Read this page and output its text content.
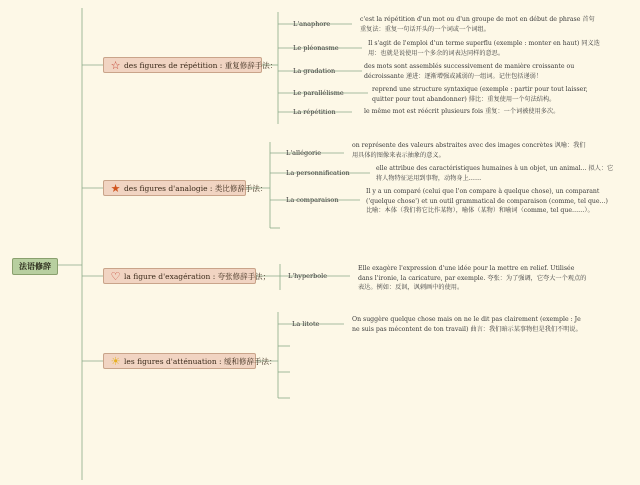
法语修辞
☆ des figures de répétition : 重复修辞手法：
L'anaphore
c'est la répétition d'un mot ou d'un groupe de mot en début de phrase 首句重复法：重复一句话开头的一个词或一个词组。
Le pléonasme
Il s'agit de l'emploi d'un terme superflu (exemple : monter en haut) 同义迭用：也就是说使用一个多余的词表达同样的意思。
La gradation
des mots sont assemblés successivement de manière croissante ou décroissante 递进：逐渐增强或减弱的一组词。记住包括递弱！
Le parallélisme	reprend une structure syntaxique (exemple : partir pour tout laisser, quitter pour tout abandonner) 排比：重复使用一个句法结构。
La répétition	le même mot est réécrit plusieurs fois 重复：一个词被使用多次。
★ des figures d'analogie : 类比修辞手法：
L'allégorie
on représente des valeurs abstraites avec des images concrètes 讽喻：我们用具体的图像来表示抽象的意义。
La personnification
elle attribue des caractéristiques humaines à un objet, un animal... 拟人：它将人物特征运用到事物，动物身上……
La comparaison
Il y a un comparé (celui que l'on compare à quelque chose), un comparant ('quelque chose') et un outil grammatical de comparaison (comme, tel que...) 比喻：本体（我们将它比作某物），喻体（某物）和喻词（comme, tel que……）。
♡ la figure d'exagération : 夸张修辞手法；	L'hyperbole
Elle exagère l'expression d'une idée pour la mettre en relief. Utilisée dans l'ironie, la caricature, par exemple. 夸张：为了强调，它夸大一个观点的表达。例如：反讽，讽刺画中的使用。
☀ les figures d'atténuation : 缓和修辞手法：
La litote
On suggère quelque chose mais on ne le dit pas clairement (exemple : Je ne suis pas mécontent de ton travail) 曲言：我们暗示某事物但是我们不明说。
